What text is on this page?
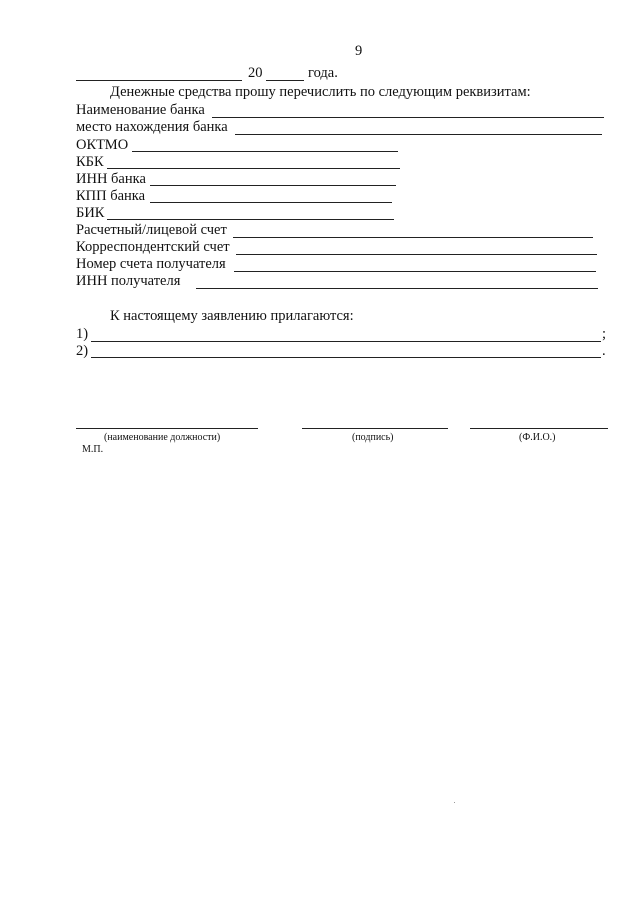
9
20	года.
Денежные средства прошу перечислить по следующим реквизитам:
Наименование банка
место нахождения банка
ОКТМО
КБК
ИНН банка
КПП банка
БИК
Расчетный/лицевой счет
Корреспондентский счет
Номер счета получателя
ИНН получателя
К настоящему заявлению прилагаются:
1)	;
2)	.
(наименование должности)	(подпись)	(Ф.И.О.)
М.П.
